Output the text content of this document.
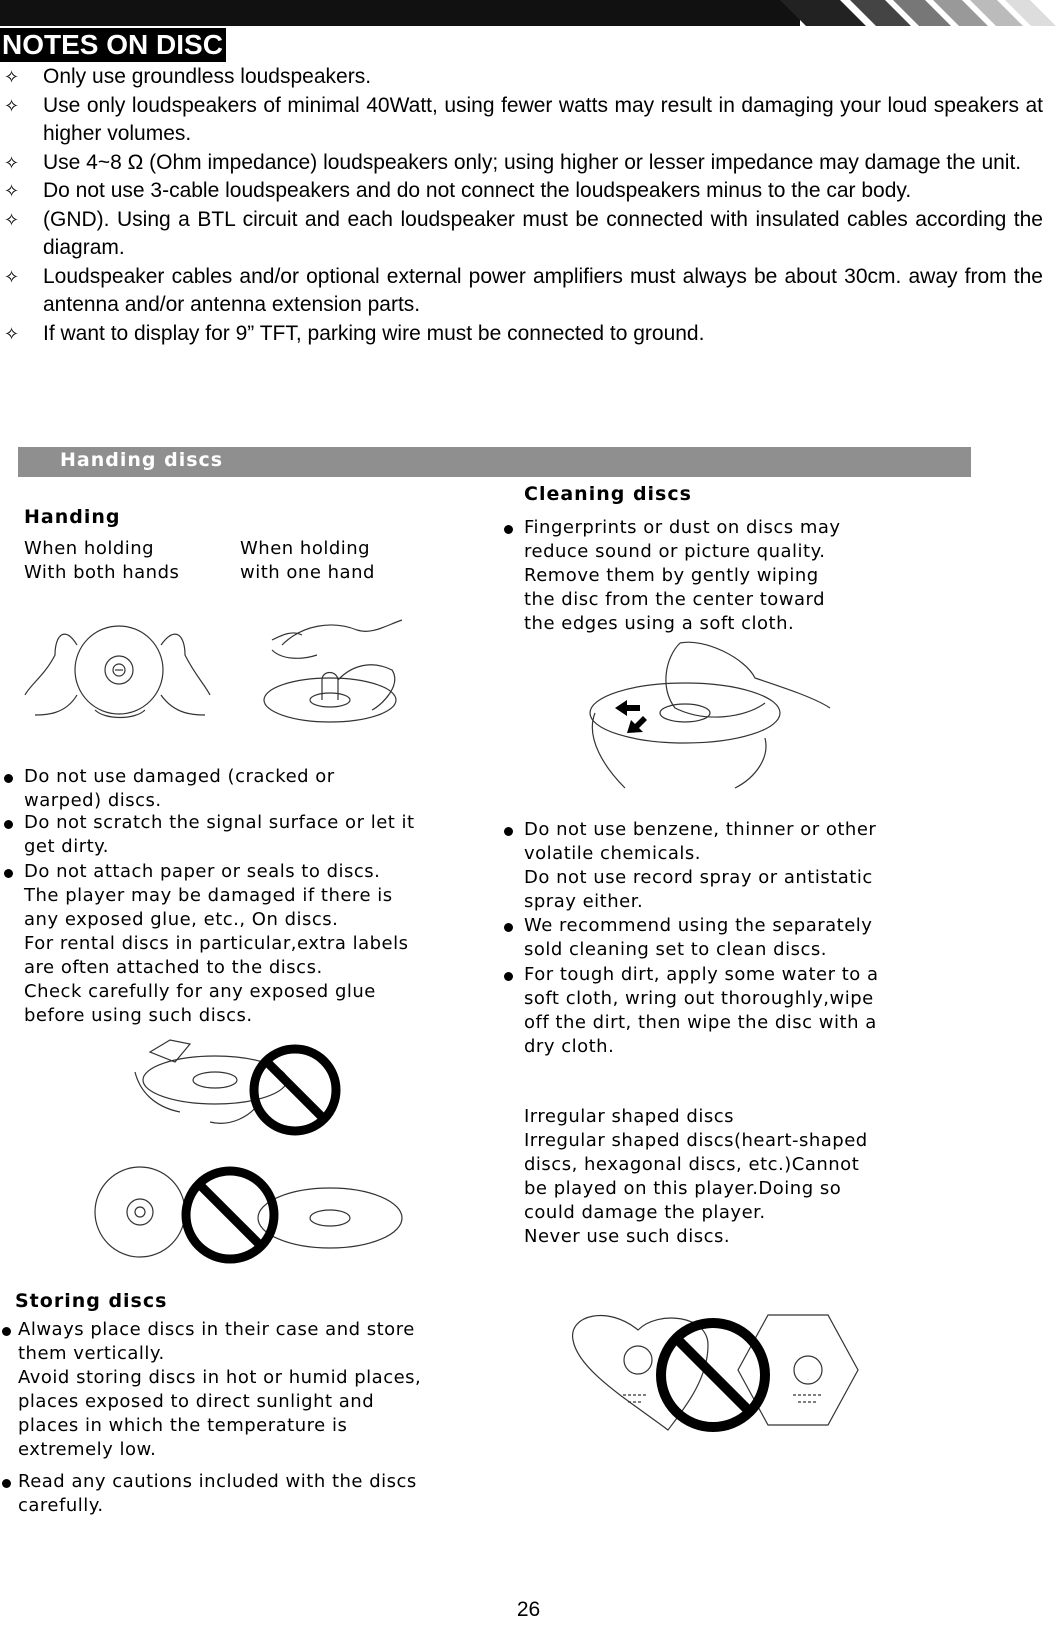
NOTES ON DISC
✧ Only use groundless loudspeakers.
✧ Use only loudspeakers of minimal 40Watt, using fewer watts may result in damaging your loud speakers at higher volumes.
✧ Use 4~8 Ω (Ohm impedance) loudspeakers only; using higher or lesser impedance may damage the unit.
✧ Do not use 3-cable loudspeakers and do not connect the loudspeakers minus to the car body.
✧ (GND). Using a BTL circuit and each loudspeaker must be connected with insulated cables according the diagram.
✧ Loudspeaker cables and/or optional external power amplifiers must always be about 30cm. away from the antenna and/or antenna extension parts.
✧ If want to display for 9” TFT, parking wire must be connected to ground.
Handing discs
Handing
When holding
With both hands
When holding
with one hand
Do not use damaged (cracked or
warped) discs.
Do not scratch the signal surface or let it
get dirty.
Do not attach paper or seals to discs.
The player may be damaged if there is
any exposed glue, etc., On discs.
For rental discs in particular,extra labels
are often attached to the discs.
Check carefully for any exposed glue
before using such discs.
Cleaning discs
Fingerprints or dust on discs may
reduce sound or picture quality.
Remove them by gently wiping
the disc from the center toward
the edges using a soft cloth.
Do not use benzene, thinner or other
volatile chemicals.
Do not use record spray or antistatic
spray either.
We recommend using the separately
sold cleaning set to clean discs.
For tough dirt, apply some water to a
soft cloth, wring out thoroughly,wipe
off the dirt, then wipe the disc with a
dry cloth.
Irregular shaped discs
Irregular shaped discs(heart-shaped
discs, hexagonal discs, etc.)Cannot
be played on this player.Doing so
could damage the player.
Never use such discs.
Storing discs
Always place discs in their case and store
them vertically.
Avoid storing discs in hot or humid places,
places exposed to direct sunlight and
places in which the temperature is
extremely low.
Read any cautions included with the discs
carefully.
26
